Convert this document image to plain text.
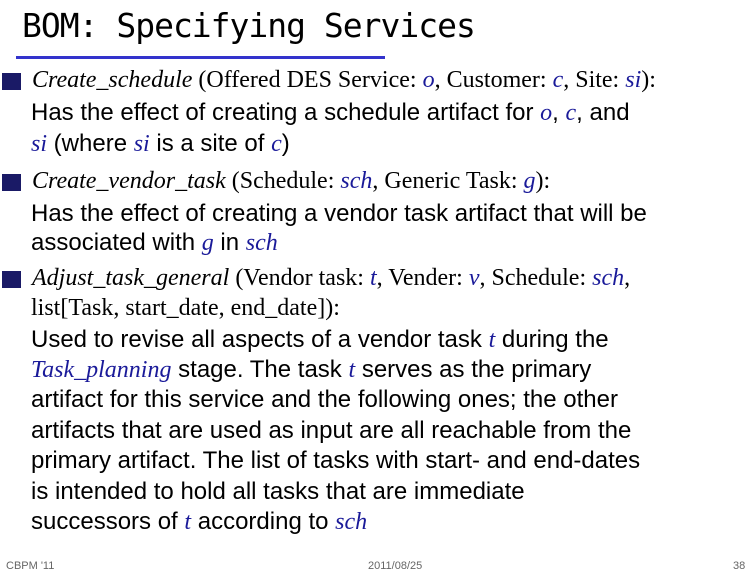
BOM: Specifying Services
Create_schedule (Offered DES Service: o, Customer: c, Site: si):
Has the effect of creating a schedule artifact for o, c, and
si (where si is a site of c)
Create_vendor_task (Schedule: sch, Generic Task: g):
Has the effect of creating a vendor task artifact that will be
associated with g in sch
Adjust_task_general (Vendor task: t, Vender: v, Schedule: sch,
list[Task, start_date, end_date]):
Used to revise all aspects of a vendor task t during the
Task_planning stage. The task t serves as the primary
artifact for this service and the following ones; the other
artifacts that are used as input are all reachable from the
primary artifact. The list of tasks with start- and end-dates
is intended to hold all tasks that are immediate
successors of t according to sch
CBPM '11	2011/08/25	38
